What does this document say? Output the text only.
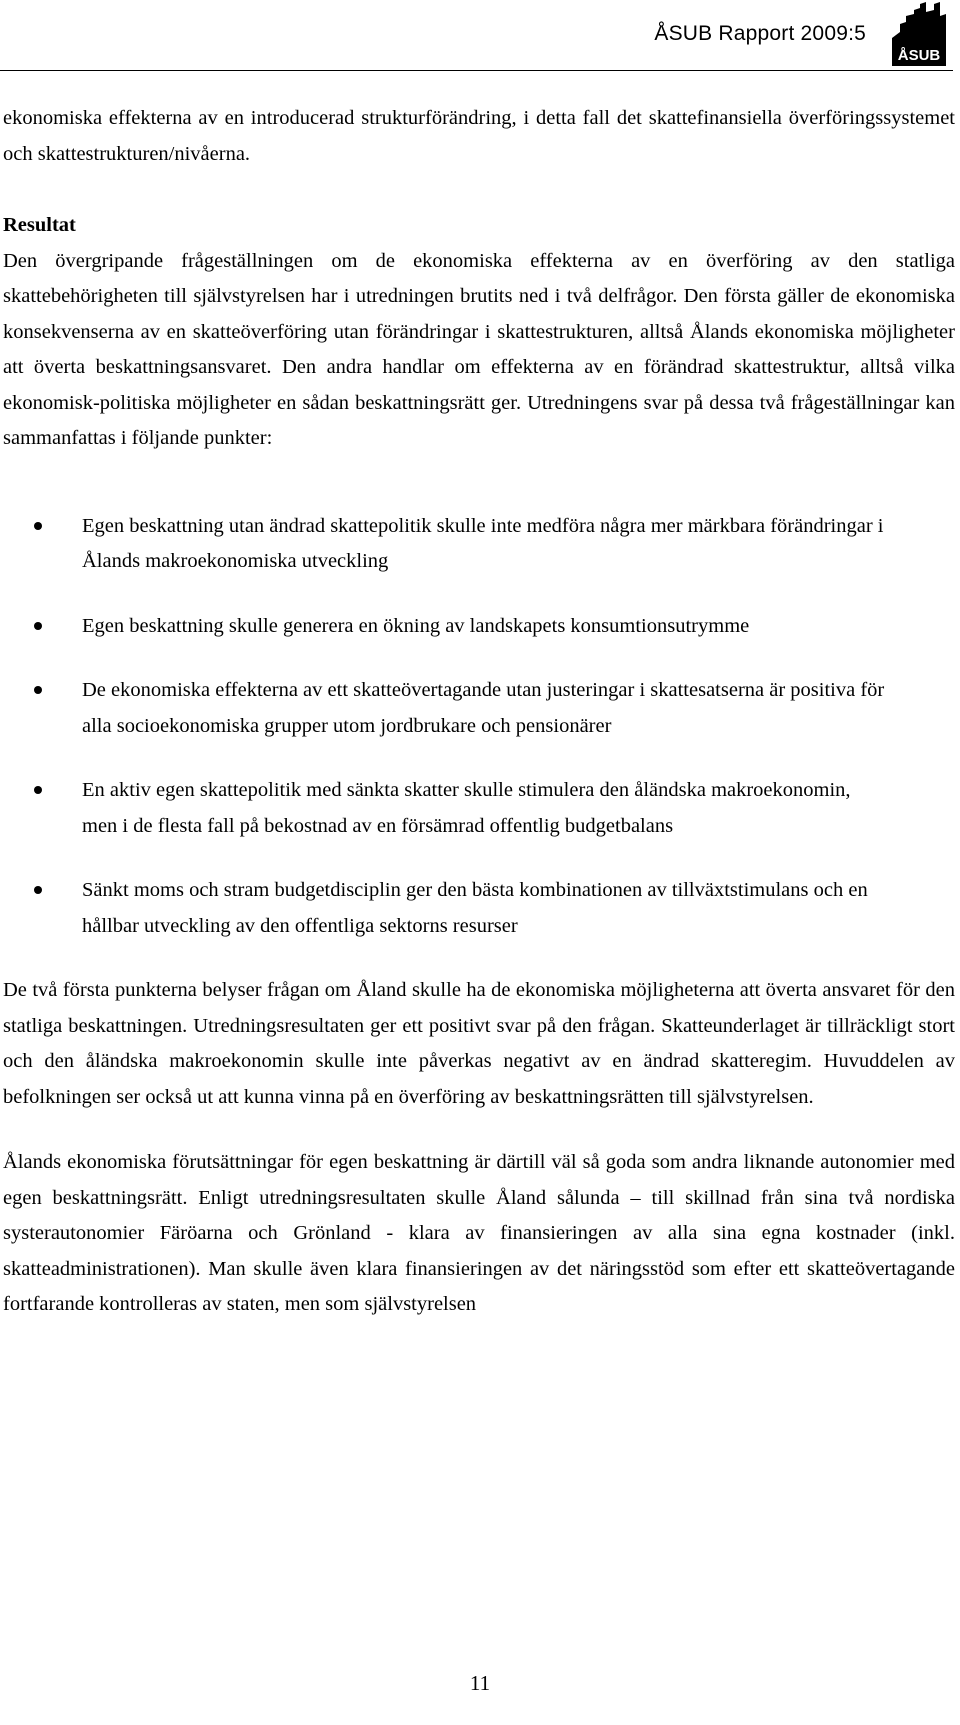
ÅSUB Rapport 2009:5
ÅSUB

ekonomiska effekterna av en introducerad strukturförändring, i detta fall det skattefinansiella överföringssystemet och skattestrukturen/nivåerna.

Resultat

Den övergripande frågeställningen om de ekonomiska effekterna av en överföring av den statliga skattebehörigheten till självstyrelsen har i utredningen brutits ned i två delfrågor. Den första gäller de ekonomiska konsekvenserna av en skatteöverföring utan förändringar i skattestrukturen, alltså Ålands ekonomiska möjligheter att överta beskattningsansvaret. Den andra handlar om effekterna av en förändrad skattestruktur, alltså vilka ekonomisk-politiska möjligheter en sådan beskattningsrätt ger. Utredningens svar på dessa två frågeställningar kan sammanfattas i följande punkter:

Egen beskattning utan ändrad skattepolitik skulle inte medföra några mer märkbara förändringar i Ålands makroekonomiska utveckling
Egen beskattning skulle generera en ökning av landskapets konsumtionsutrymme
De ekonomiska effekterna av ett skatteövertagande utan justeringar i skattesatserna är positiva för alla socioekonomiska grupper utom jordbrukare och pensionärer
En aktiv egen skattepolitik med sänkta skatter skulle stimulera den åländska makroekonomin, men i de flesta fall på bekostnad av en försämrad offentlig budgetbalans
Sänkt moms och stram budgetdisciplin ger den bästa kombinationen av tillväxtstimulans och en hållbar utveckling av den offentliga sektorns resurser

De två första punkterna belyser frågan om Åland skulle ha de ekonomiska möjligheterna att överta ansvaret för den statliga beskattningen. Utredningsresultaten ger ett positivt svar på den frågan. Skatteunderlaget är tillräckligt stort och den åländska makroekonomin skulle inte påverkas negativt av en ändrad skatteregim. Huvuddelen av befolkningen ser också ut att kunna vinna på en överföring av beskattningsrätten till självstyrelsen.

Ålands ekonomiska förutsättningar för egen beskattning är därtill väl så goda som andra liknande autonomier med egen beskattningsrätt. Enligt utredningsresultaten skulle Åland sålunda – till skillnad från sina två nordiska systerautonomier Färöarna och Grönland - klara av finansieringen av alla sina egna kostnader (inkl. skatteadministrationen). Man skulle även klara finansieringen av det näringsstöd som efter ett skatteövertagande fortfarande kontrolleras av staten, men som självstyrelsen

11
